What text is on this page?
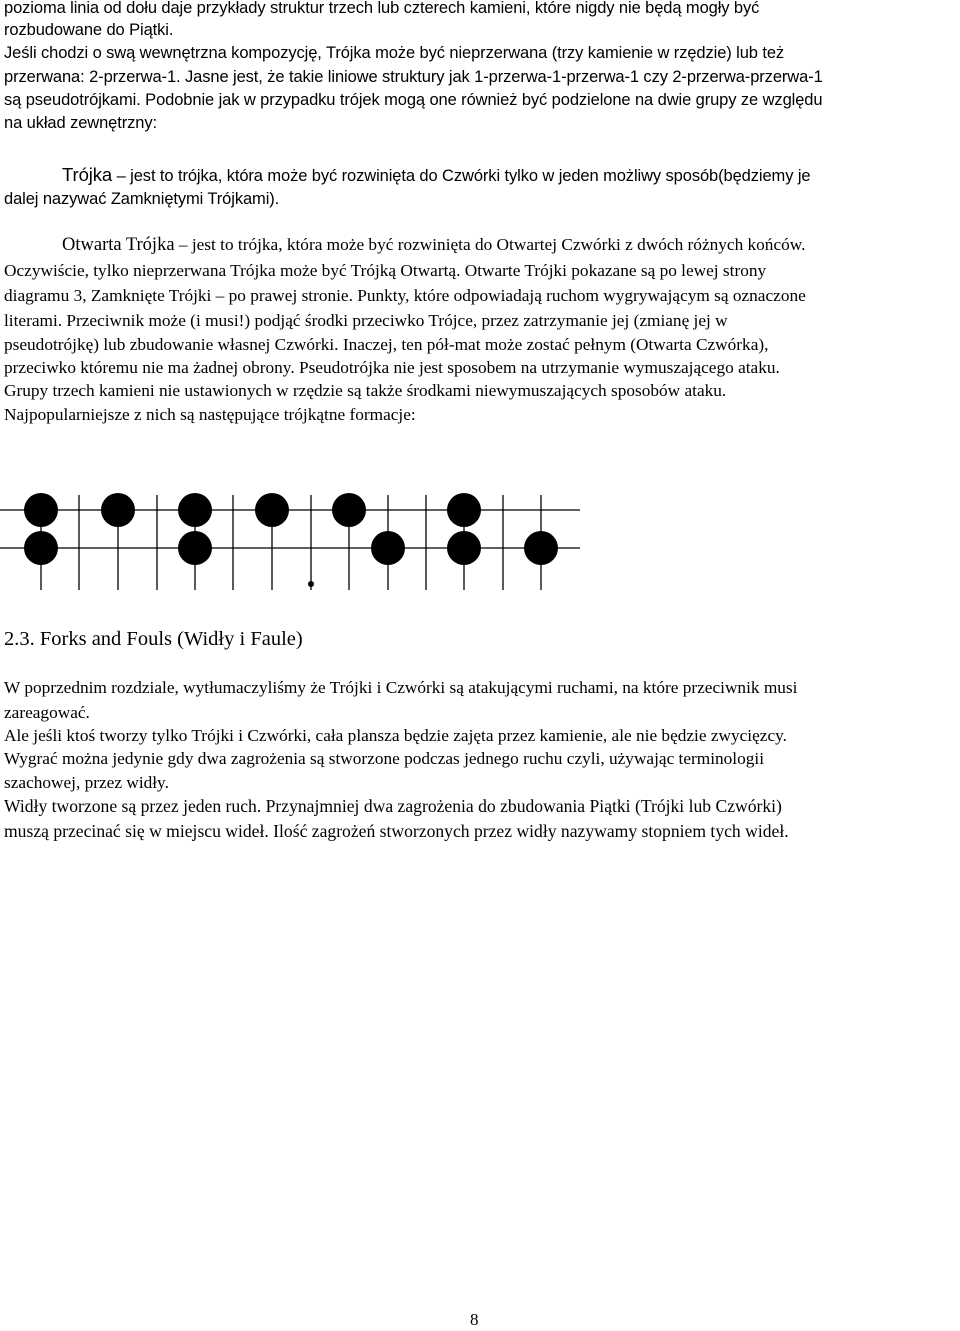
pozioma linia od dołu daje przykłady struktur trzech lub czterech kamieni, które nigdy nie będą mogły być

rozbudowane do Piątki.

Jeśli chodzi o swą wewnętrzna kompozycję, Trójka może być nieprzerwana (trzy kamienie w rzędzie) lub też

przerwana: 2-przerwa-1. Jasne jest, że takie liniowe struktury jak 1-przerwa-1-przerwa-1 czy 2-przerwa-przerwa-1

są pseudotrójkami. Podobnie jak w przypadku trójek mogą one również być podzielone na dwie grupy ze względu

na układ zewnętrzny:

Trójka – jest to trójka, która może być rozwinięta do Czwórki tylko w jeden możliwy sposób(będziemy je

dalej nazywać Zamkniętymi Trójkami).

Otwarta Trójka – jest to trójka, która może być rozwinięta do Otwartej Czwórki z dwóch różnych końców.

Oczywiście, tylko nieprzerwana Trójka może być Trójką Otwartą. Otwarte Trójki pokazane są po lewej strony

diagramu 3, Zamknięte Trójki – po prawej stronie. Punkty, które odpowiadają ruchom wygrywającym są oznaczone

literami. Przeciwnik może (i musi!) podjąć środki przeciwko Trójce, przez zatrzymanie jej (zmianę jej w

pseudotrójkę) lub zbudowanie własnej Czwórki. Inaczej, ten pół-mat może zostać pełnym (Otwarta Czwórka),

przeciwko któremu nie ma żadnej obrony. Pseudotrójka nie jest sposobem na utrzymanie wymuszającego ataku.

Grupy trzech kamieni nie ustawionych w rzędzie są także środkami niewymuszających sposobów ataku.

Najpopularniejsze z nich są następujące trójkątne formacje:

2.3. Forks and Fouls (Widły i Faule)

W poprzednim rozdziale, wytłumaczyliśmy że Trójki i Czwórki są atakującymi ruchami, na które przeciwnik musi

zareagować.

Ale jeśli ktoś tworzy tylko Trójki i Czwórki, cała plansza będzie zajęta przez kamienie, ale nie będzie zwycięzcy.

Wygrać można jedynie gdy dwa zagrożenia są stworzone podczas jednego ruchu czyli, używając terminologii

szachowej, przez widły.

Widły tworzone są przez jeden ruch. Przynajmniej dwa zagrożenia do zbudowania Piątki (Trójki lub Czwórki)

muszą przecinać się w miejscu wideł. Ilość zagrożeń stworzonych przez widły nazywamy stopniem tych wideł.

8
